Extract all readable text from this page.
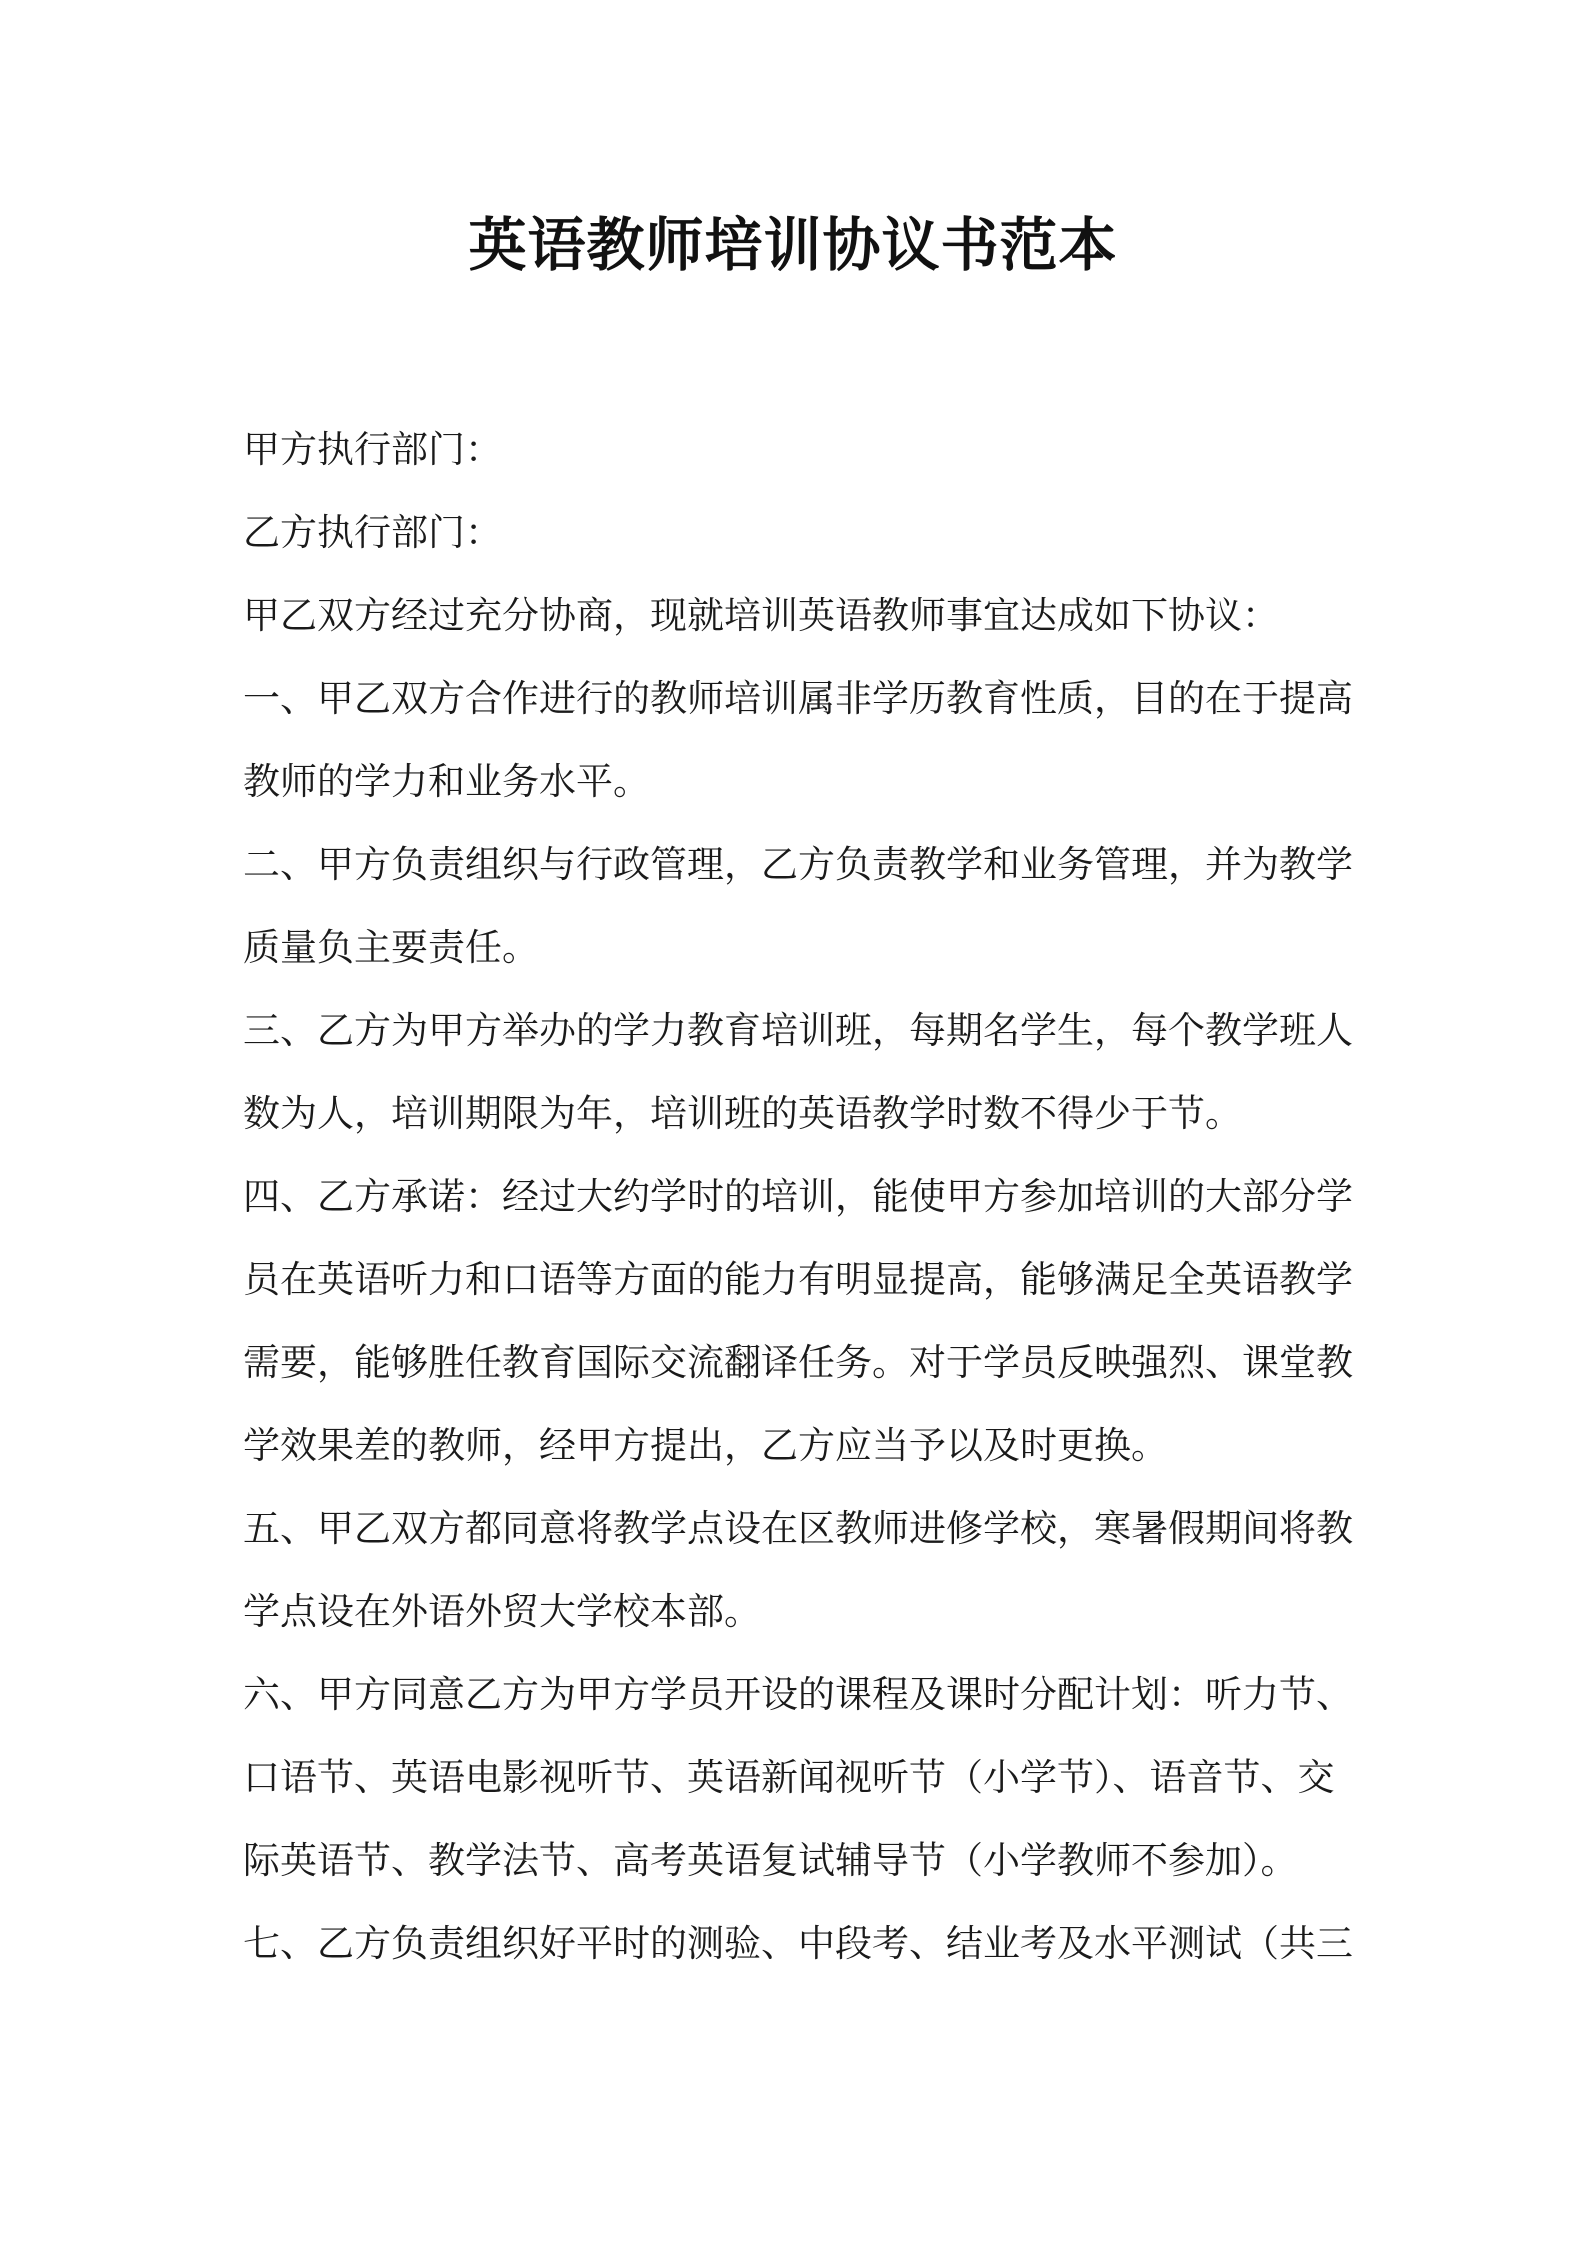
英语教师培训协议书范本
甲方执行部门：
乙方执行部门：
甲乙双方经过充分协商，现就培训英语教师事宜达成如下协议：
一、甲乙双方合作进行的教师培训属非学历教育性质，目的在于提高
教师的学力和业务水平。
二、甲方负责组织与行政管理，乙方负责教学和业务管理，并为教学
质量负主要责任。
三、乙方为甲方举办的学力教育培训班，每期名学生，每个教学班人
数为人，培训期限为年，培训班的英语教学时数不得少于节。
四、乙方承诺：经过大约学时的培训，能使甲方参加培训的大部分学
员在英语听力和口语等方面的能力有明显提高，能够满足全英语教学
需要，能够胜任教育国际交流翻译任务。对于学员反映强烈、课堂教
学效果差的教师，经甲方提出，乙方应当予以及时更换。
五、甲乙双方都同意将教学点设在区教师进修学校，寒暑假期间将教
学点设在外语外贸大学校本部。
六、甲方同意乙方为甲方学员开设的课程及课时分配计划：听力节、
口语节、英语电影视听节、英语新闻视听节（小学节）、语音节、交
际英语节、教学法节、高考英语复试辅导节（小学教师不参加）。
七、乙方负责组织好平时的测验、中段考、结业考及水平测试（共三
